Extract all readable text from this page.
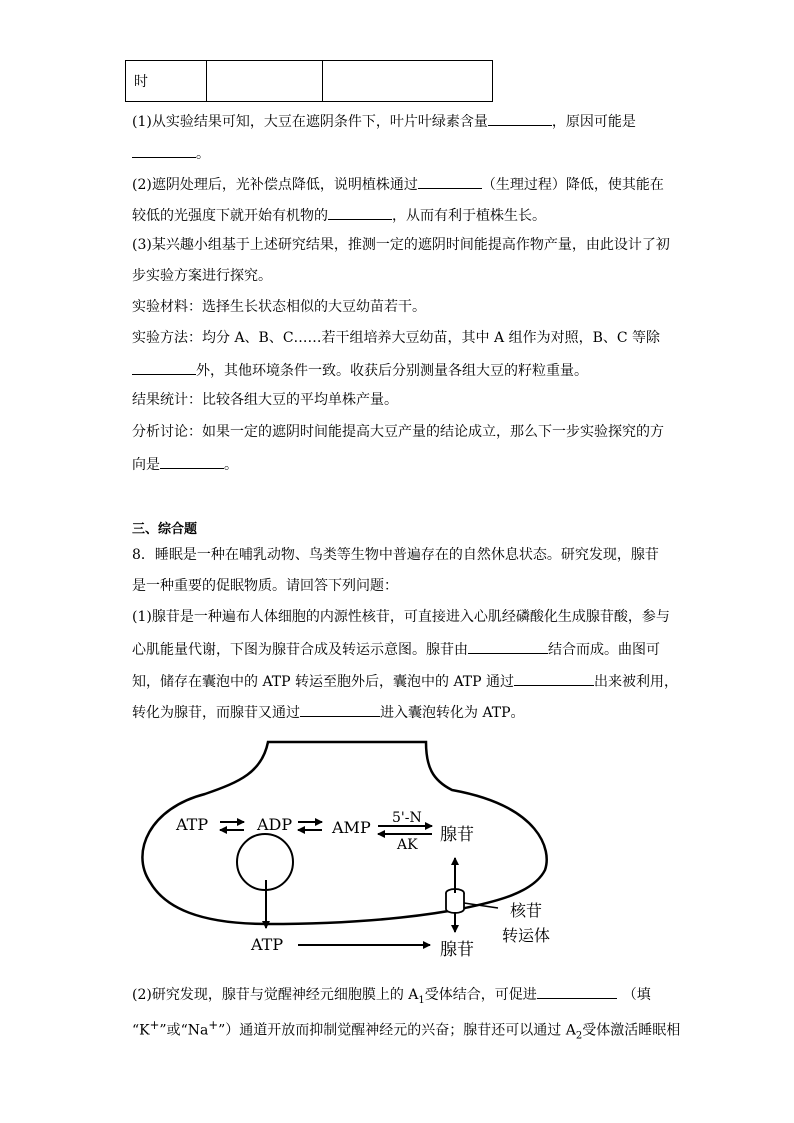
时		
(1)从实验结果可知，大豆在遮阴条件下，叶片叶绿素含量	，原因可能是
。
(2)遮阴处理后，光补偿点降低，说明植株通过	（生理过程）降低，使其能在
较低的光强度下就开始有机物的	，从而有利于植株生长。
(3)某兴趣小组基于上述研究结果，推测一定的遮阴时间能提高作物产量，由此设计了初
步实验方案进行探究。
实验材料：选择生长状态相似的大豆幼苗若干。
实验方法：均分 A、B、C……若干组培养大豆幼苗，其中 A 组作为对照，B、C 等除
外，其他环境条件一致。收获后分别测量各组大豆的籽粒重量。
结果统计：比较各组大豆的平均单株产量。
分析讨论：如果一定的遮阴时间能提高大豆产量的结论成立，那么下一步实验探究的方
向是	。
三、综合题
8．睡眠是一种在哺乳动物、鸟类等生物中普遍存在的自然休息状态。研究发现，腺苷
是一种重要的促眠物质。请回答下列问题：
(1)腺苷是一种遍布人体细胞的内源性核苷，可直接进入心肌经磷酸化生成腺苷酸，参与
心肌能量代谢，下图为腺苷合成及转运示意图。腺苷由	结合而成。曲图可
知，储存在囊泡中的 ATP 转运至胞外后，囊泡中的 ATP 通过	出来被利用，
转化为腺苷，而腺苷又通过	进入囊泡转化为 ATP。
ATP	ADP AMP 5'-N
AK 腺苷
核苷
转运体
ATP	腺苷
(2)研究发现，腺苷与觉醒神经元细胞膜上的 $A_1$受体结合，可促进	（填
“K+”或“Na+”）通道开放而抑制觉醒神经元的兴奋；腺苷还可以通过 $A_2$受体激活睡眠相
